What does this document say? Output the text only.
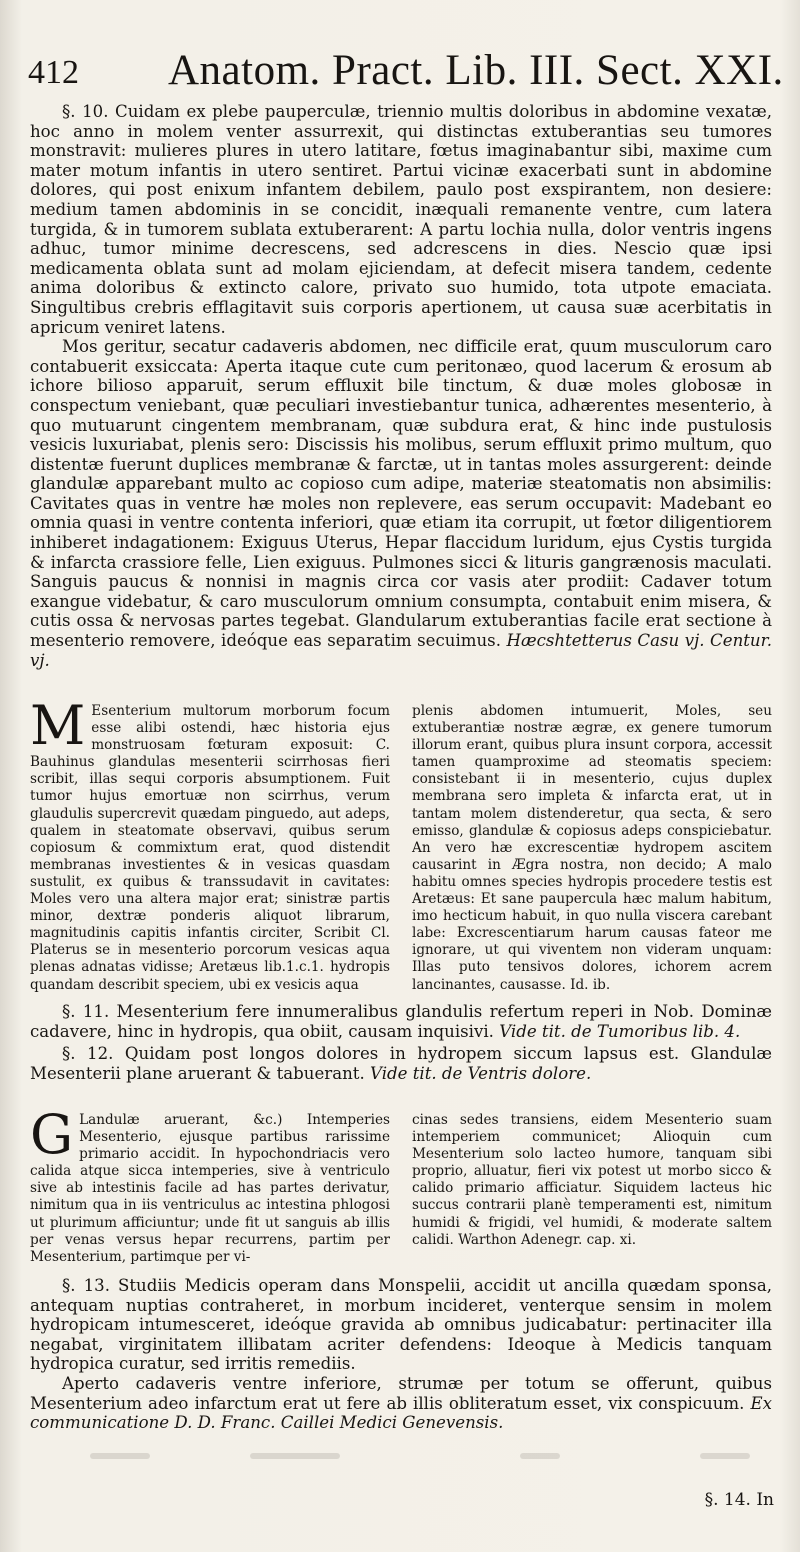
412 Anatom. Pract. Lib. III. Sect. XXI.

§. 10. Cuidam ex plebe pauperculæ, triennio multis doloribus in abdomine vexatæ, hoc anno in molem venter assurrexit, qui distinctas extuberantias seu tumores monstravit: mulieres plures in utero latitare, fœtus imaginabantur sibi, maxime cum mater motum infantis in utero sentiret. Partui vicinæ exacerbati sunt in abdomine dolores, qui post enixum infantem debilem, paulo post exspirantem, non desiere: medium tamen abdominis in se concidit, inæquali remanente ventre, cum latera turgida, & in tumorem sublata extuberarent: A partu lochia nulla, dolor ventris ingens adhuc, tumor minime decrescens, sed adcrescens in dies. Nescio quæ ipsi medicamenta oblata sunt ad molam ejiciendam, at defecit misera tandem, cedente anima doloribus & extincto calore, privato suo humido, tota utpote emaciata. Singultibus crebris efflagitavit suis corporis apertionem, ut causa suæ acerbitatis in apricum veniret latens.

Mos geritur, secatur cadaveris abdomen, nec difficile erat, quum musculorum caro contabuerit exsiccata: Aperta itaque cute cum peritonæo, quod lacerum & erosum ab ichore bilioso apparuit, serum effluxit bile tinctum, & duæ moles globosæ in conspectum veniebant, quæ peculiari investiebantur tunica, adhærentes mesenterio, à quo mutuarunt cingentem membranam, quæ subdura erat, & hinc inde pustulosis vesicis luxuriabat, plenis sero: Discissis his molibus, serum effluxit primo multum, quo distentæ fuerunt duplices membranæ & farctæ, ut in tantas moles assurgerent: deinde glandulæ apparebant multo ac copioso cum adipe, materiæ steatomatis non absimilis: Cavitates quas in ventre hæ moles non replevere, eas serum occupavit: Madebant eo omnia quasi in ventre contenta inferiori, quæ etiam ita corrupit, ut fœtor diligentiorem inhiberet indagationem: Exiguus Uterus, Hepar flaccidum luridum, ejus Cystis turgida & infarcta crassiore felle, Lien exiguus. Pulmones sicci & lituris gangrænosis maculati. Sanguis paucus & nonnisi in magnis circa cor vasis ater prodiit: Cadaver totum exangue videbatur, & caro musculorum omnium consumpta, contabuit enim misera, & cutis ossa & nervosas partes tegebat. Glandularum extuberantias facile erat sectione à mesenterio removere, ideóque eas separatim secuimus. Hæcshtetterus Casu vj. Centur. vj.

M Esenterium multorum morborum focum esse alibi ostendi, hæc historia ejus monstruosam fœturam exposuit: C. Bauhinus glandulas mesenterii scirrhosas fieri scribit, illas sequi corporis absumptionem. Fuit tumor hujus emortuæ non scirrhus, verum glaudulis supercrevit quædam pinguedo, aut adeps, qualem in steatomate observavi, quibus serum copiosum & commixtum erat, quod distendit membranas investientes & in vesicas quasdam sustulit, ex quibus & transsudavit in cavitates: Moles vero una altera major erat; sinistræ partis minor, dextræ ponderis aliquot librarum, magnitudinis capitis infantis circiter, Scribit Cl. Platerus se in mesenterio porcorum vesicas aqua plenas adnatas vidisse; Aretæus lib.1.c.1. hydropis quandam describit speciem, ubi ex vesicis aqua
plenis abdomen intumuerit, Moles, seu extuberantiæ nostræ ægræ, ex genere tumorum illorum erant, quibus plura insunt corpora, accessit tamen quamproxime ad steomatis speciem: consistebant ii in mesenterio, cujus duplex membrana sero impleta & infarcta erat, ut in tantam molem distenderetur, qua secta, & sero emisso, glandulæ & copiosus adeps conspiciebatur. An vero hæ excrescentiæ hydropem ascitem causarint in Ægra nostra, non decido; A malo habitu omnes species hydropis procedere testis est Aretæus: Et sane paupercula hæc malum habitum, imo hecticum habuit, in quo nulla viscera carebant labe: Excrescentiarum harum causas fateor me ignorare, ut qui viventem non videram unquam: Illas puto tensivos dolores, ichorem acrem lancinantes, causasse. Id. ib.

§. 11. Mesenterium fere innumeralibus glandulis refertum reperi in Nob. Dominæ cadavere, hinc in hydropis, qua obiit, causam inquisivi. Vide tit. de Tumoribus lib. 4.

§. 12. Quidam post longos dolores in hydropem siccum lapsus est. Glandulæ Mesenterii plane aruerant & tabuerant. Vide tit. de Ventris dolore.

G Landulæ aruerant, &c.) Intemperies Mesenterio, ejusque partibus rarissime primario accidit. In hypochondriacis vero calida atque sicca intemperies, sive à ventriculo sive ab intestinis facile ad has partes derivatur, nimitum qua in iis ventriculus ac intestina phlogosi ut plurimum afficiuntur; unde fit ut sanguis ab illis per venas versus hepar recurrens, partim per Mesenterium, partimque per vi-
cinas sedes transiens, eidem Mesenterio suam intemperiem communicet; Alioquin cum Mesenterium solo lacteo humore, tanquam sibi proprio, alluatur, fieri vix potest ut morbo sicco & calido primario afficiatur. Siquidem lacteus hic succus contrarii planè temperamenti est, nimitum humidi & frigidi, vel humidi, & moderate saltem calidi. Warthon Adenegr. cap. xi.

§. 13. Studiis Medicis operam dans Monspelii, accidit ut ancilla quædam sponsa, antequam nuptias contraheret, in morbum incideret, venterque sensim in molem hydropicam intumesceret, ideóque gravida ab omnibus judicabatur: pertinaciter illa negabat, virginitatem illibatam acriter defendens: Ideoque à Medicis tanquam hydropica curatur, sed irritis remediis.

Aperto cadaveris ventre inferiore, strumæ per totum se offerunt, quibus Mesenterium adeo infarctum erat ut fere ab illis obliteratum esset, vix conspicuum. Ex communicatione D. D. Franc. Caillei Medici Genevensis.

§. 14. In
